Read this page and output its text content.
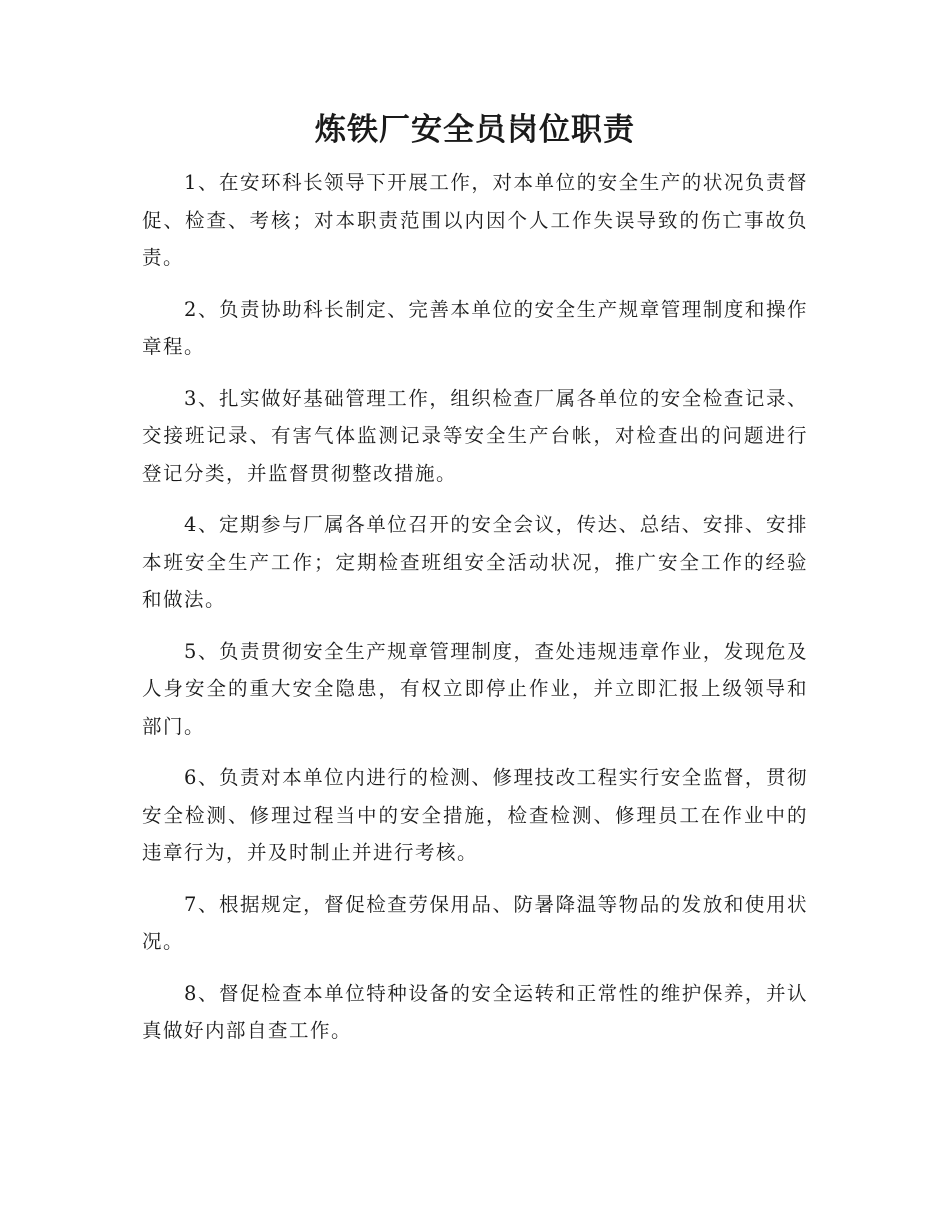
炼铁厂安全员岗位职责

1、在安环科长领导下开展工作，对本单位的安全生产的状况负责督促、检查、考核；对本职责范围以内因个人工作失误导致的伤亡事故负责。

2、负责协助科长制定、完善本单位的安全生产规章管理制度和操作章程。

3、扎实做好基础管理工作，组织检查厂属各单位的安全检查记录、交接班记录、有害气体监测记录等安全生产台帐，对检查出的问题进行登记分类，并监督贯彻整改措施。

4、定期参与厂属各单位召开的安全会议，传达、总结、安排、安排本班安全生产工作；定期检查班组安全活动状况，推广安全工作的经验和做法。

5、负责贯彻安全生产规章管理制度，查处违规违章作业，发现危及人身安全的重大安全隐患，有权立即停止作业，并立即汇报上级领导和部门。

6、负责对本单位内进行的检测、修理技改工程实行安全监督，贯彻安全检测、修理过程当中的安全措施，检查检测、修理员工在作业中的违章行为，并及时制止并进行考核。

7、根据规定，督促检查劳保用品、防暑降温等物品的发放和使用状况。

8、督促检查本单位特种设备的安全运转和正常性的维护保养，并认真做好内部自查工作。
